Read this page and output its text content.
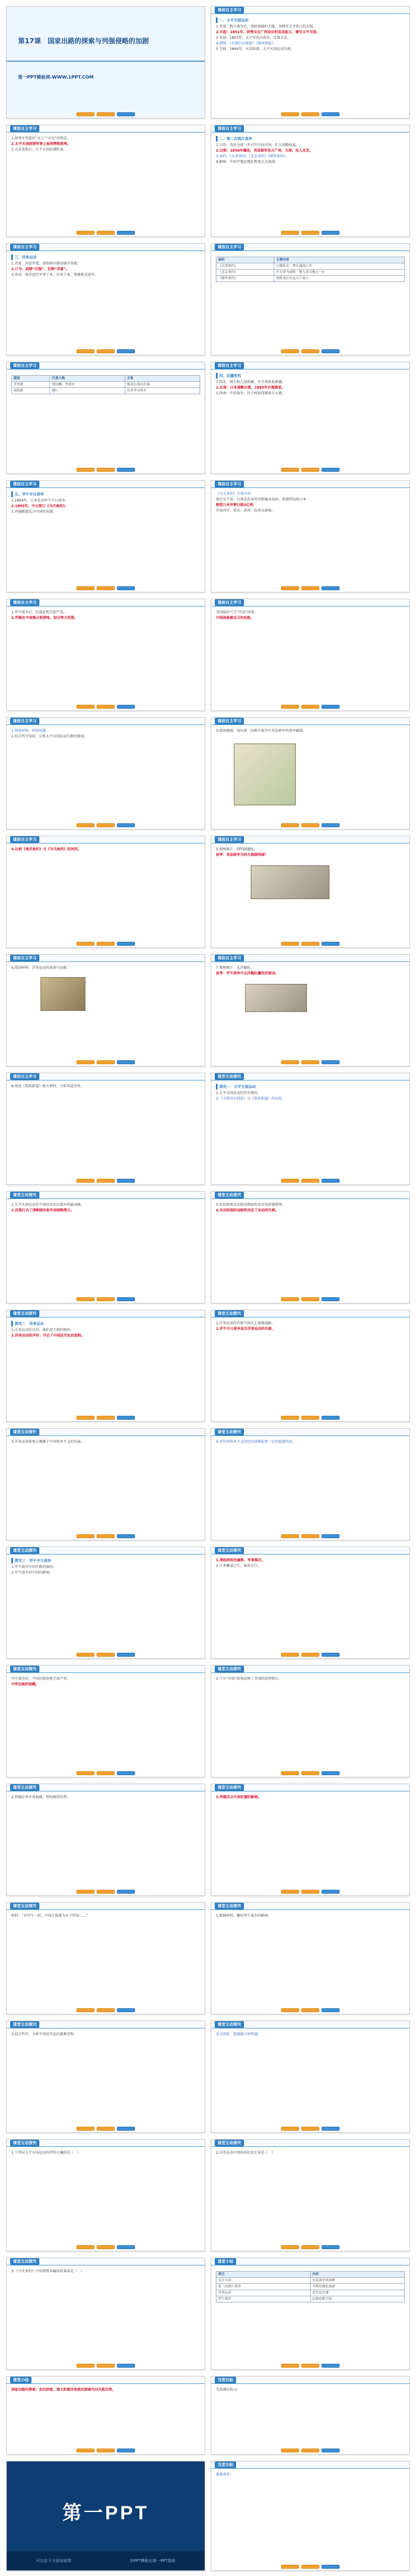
第17课　国家出路的探索与列强侵略的加剧
第一PPT模板网-WWW.1PPT.COM
课前自主学习
一、太平天国运动
1.背景：鸦片战争后，清政府腐朽无能，各种社会矛盾日趋尖锐。
2.兴起：1851年，洪秀全在广西金田村发动起义，建号太平天国。
3.发展：1853年，太平军攻占南京，定都天京。
4.纲领：《天朝田亩制度》《资政新篇》。
5.失败：1864年，天京陷落，太平天国运动失败。
课前自主学习
1.洪秀全等提出“天父”“天兄”的观念。
2.太平天国前期军事上取得辉煌胜利。
3.天京变乱后，太平天国由盛转衰。
课前自主学习
二、第二次鸦片战争
1.目的：英法为进一步打开中国市场，扩大侵略权益。
2.过程：1856年爆发，英法联军攻占广州、天津，攻入北京。
3.条约：《天津条约》《北京条约》《瑷珲条约》。
4.影响：中国半殖民地化程度大大加深。
课前自主学习
三、洋务运动
1.背景：内忧外患，清政府内部出现洋务派。
2.口号：前期“自强”，后期“求富”。
3.活动：创办近代军事工业、民用工业，筹建新式海军。
课前自主学习
条约	主要内容
《天津条约》	公使驻京、增开通商口岸
《北京条约》	开天津为商埠，割九龙司地方一区
《瑷珲条约》	割黑龙江以北大片领土
课前自主学习
派别	代表人物	主张
洋务派	曾国藩、李鸿章	师夷长技以自强
顽固派	倭仁	反对学习西方
课前自主学习
四、边疆危机
1.西北：阿古柏入侵新疆，左宗棠收复新疆。
2.东南：日本侵略台湾，1885年台湾建省。
3.西南：中法战争，冯子材取得镇南关大捷。
课前自主学习
五、甲午中日战争
1.1894年，日本发动甲午中日战争。
2.1895年，中日签订《马关条约》。
3.列强掀起瓜分中国的狂潮。
课前自主学习
《马关条约》主要内容：
割辽东半岛、台湾全岛及所有附属各岛屿、澎湖列岛给日本；
赔偿日本军费白银2亿两；
开放沙市、重庆、苏州、杭州为商埠。
课前自主学习
1.甲午战争后，民族危机空前严重。
2.列强在中国强占租借地、划分势力范围。
课前自主学习
美国提出“门户开放”政策。
中国面临被瓜分的危险。
课前自主学习
1.阅读材料，回答问题。
2.结合所学知识，分析太平天国运动失败的原因。
课前自主学习
3.阅读地图，说出第二次鸦片战争中英法联军的进军路线。
课前自主学习
4.比较《南京条约》与《马关条约》的异同。
课前自主学习
5.观察图片：圆明园遗址。
思考：英法联军为何火烧圆明园？
课前自主学习
6.阅读材料：洋务运动的成效与局限。
课前自主学习
7.观察图片：北洋舰队。
思考：甲午战争中北洋舰队覆没的原因。
课前自主学习
8.阅读《资政新篇》相关材料，分析其进步性。
课堂互动探究
探究一　太平天国运动
1.太平天国运动的历史地位。
2.《天朝田亩制度》与《资政新篇》的比较。
课堂互动探究
1.太平天国运动是中国旧式农民战争的最高峰。
2.沉重打击了清朝统治和外国侵略势力。
课堂互动探究
3.农民阶级无法提出彻底的反帝反封建纲领。
4.农民阶级的局限性决定了运动的失败。
课堂互动探究
探究二　洋务运动
1.洋务运动的目的：维护清王朝的统治。
2.洋务运动的评价：开启了中国近代化的进程。
课堂互动探究
1.洋务运动没有使中国走上富强道路。
2.甲午中日战争宣告洋务运动的失败。
课堂互动探究
3.洋务运动客观上刺激了中国资本主义的发展。
课堂互动探究
4.对外国资本主义的经济侵略起到一定的抵制作用。
课堂互动探究
探究三　甲午中日战争
1.甲午战争中国失败的原因。
2.甲午战争对中国的影响。
课堂互动探究
1.清政府政治腐败、军事落后。
2.日本蓄谋已久，准备充分。
课堂互动探究
甲午战争后，中国民族危机空前严重，
中华民族的觉醒。
课堂互动探究
1.“门户开放”政策反映了美国的侵华野心。
课堂互动探究
2.列强在华矛盾加剧，暂时维持均势。
课堂互动探究
3.列强瓜分中国狂潮的影响。
课堂互动探究
材料：“自甲午一役，中国之弱遂为天下所知……”
课堂互动探究
1.根据材料，概括甲午战争的影响。
课堂互动探究
2.结合所学，分析中国近代化的艰难历程。
课堂互动探究
对点训练：选择题与材料题。
课堂互动探究
1.下列对太平天国运动的评价正确的是（　）
课堂互动探究
2.洋务运动中创办的民用企业是（　）
课堂互动探究
3.《马关条约》中反映资本输出的条款是（　）
课堂小结
项目	内容
太平天国	农民战争的高峰
第二次鸦片战争	半殖民地化加深
洋务运动	近代化开端
甲午战争	民族危机空前
课堂小结
国家出路的探索：农民阶级、地主阶级洋务派的探索均以失败告终。
当堂达标
完成课后练习。
第一PPT
可以在下方添加说明	本PPT模板由第一PPT提供
当堂达标
谢谢观看！
